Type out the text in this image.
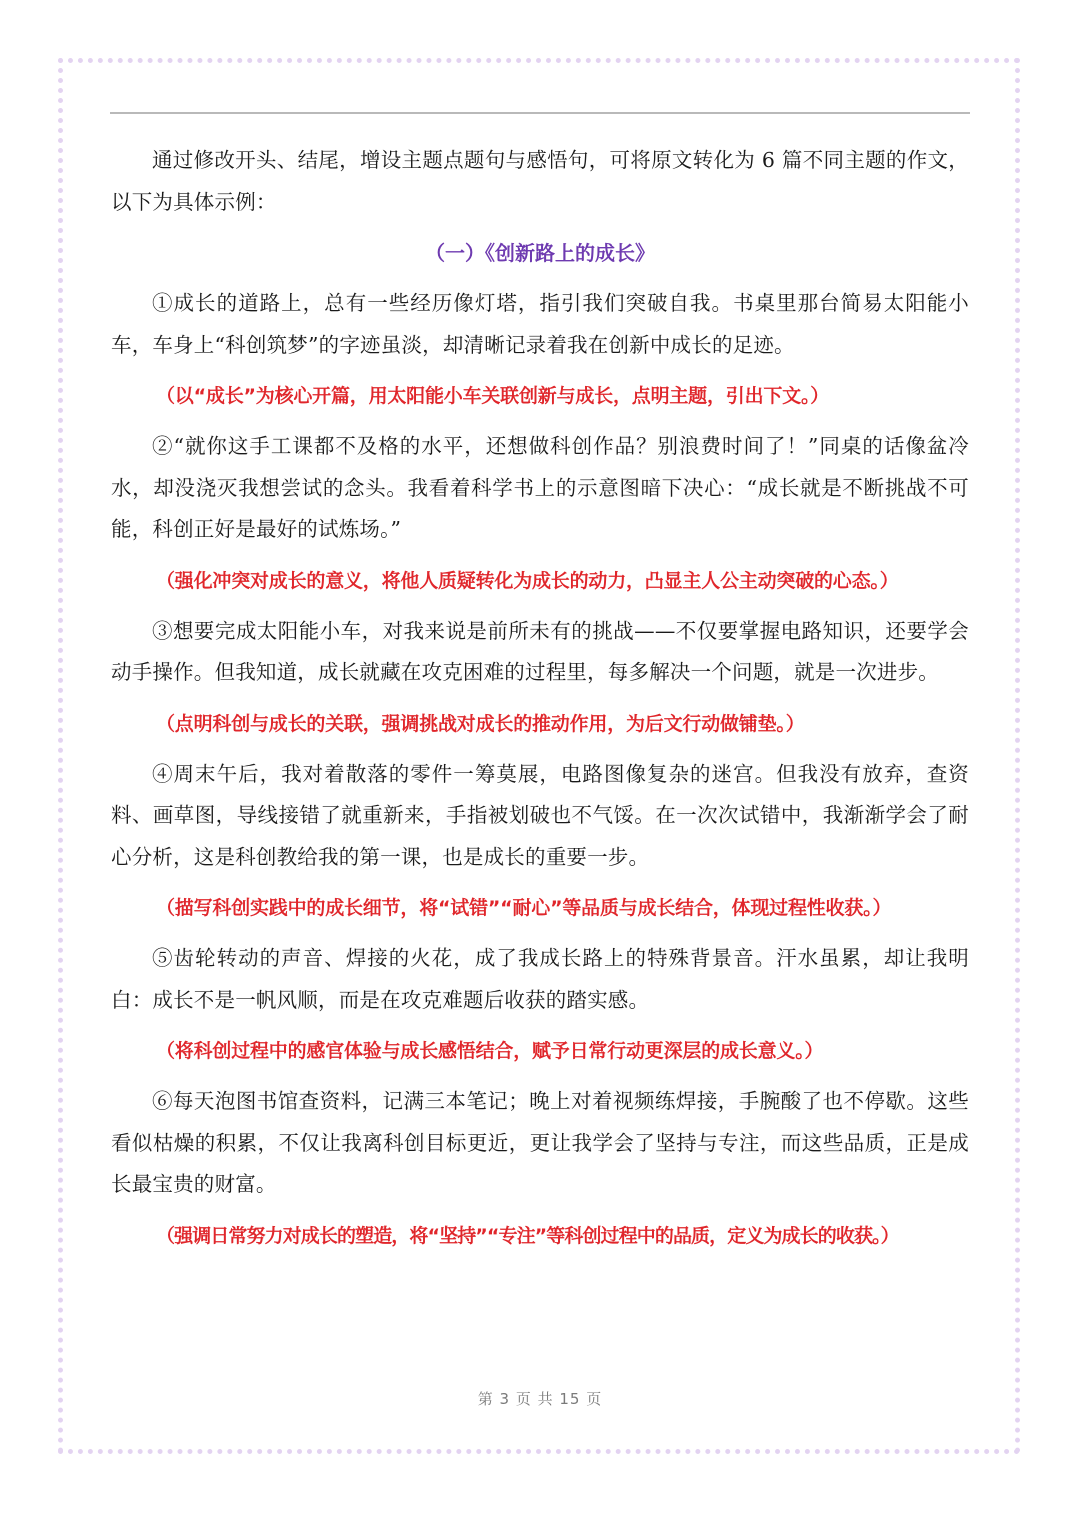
通过修改开头、结尾，增设主题点题句与感悟句，可将原文转化为 6 篇不同主题的作文，以下为具体示例：

（一）《创新路上的成长》

①成长的道路上，总有一些经历像灯塔，指引我们突破自我。书桌里那台简易太阳能小车，车身上“科创筑梦”的字迹虽淡，却清晰记录着我在创新中成长的足迹。

（以“成长”为核心开篇，用太阳能小车关联创新与成长，点明主题，引出下文。）

②“就你这手工课都不及格的水平，还想做科创作品？别浪费时间了！”同桌的话像盆冷水，却没浇灭我想尝试的念头。我看着科学书上的示意图暗下决心：“成长就是不断挑战不可能，科创正好是最好的试炼场。”

（强化冲突对成长的意义，将他人质疑转化为成长的动力，凸显主人公主动突破的心态。）

③想要完成太阳能小车，对我来说是前所未有的挑战——不仅要掌握电路知识，还要学会动手操作。但我知道，成长就藏在攻克困难的过程里，每多解决一个问题，就是一次进步。

（点明科创与成长的关联，强调挑战对成长的推动作用，为后文行动做铺垫。）

④周末午后，我对着散落的零件一筹莫展，电路图像复杂的迷宫。但我没有放弃，查资料、画草图，导线接错了就重新来，手指被划破也不气馁。在一次次试错中，我渐渐学会了耐心分析，这是科创教给我的第一课，也是成长的重要一步。

（描写科创实践中的成长细节，将“试错”“耐心”等品质与成长结合，体现过程性收获。）

⑤齿轮转动的声音、焊接的火花，成了我成长路上的特殊背景音。汗水虽累，却让我明白：成长不是一帆风顺，而是在攻克难题后收获的踏实感。

（将科创过程中的感官体验与成长感悟结合，赋予日常行动更深层的成长意义。）

⑥每天泡图书馆查资料，记满三本笔记；晚上对着视频练焊接，手腕酸了也不停歇。这些看似枯燥的积累，不仅让我离科创目标更近，更让我学会了坚持与专注，而这些品质，正是成长最宝贵的财富。

（强调日常努力对成长的塑造，将“坚持”“专注”等科创过程中的品质，定义为成长的收获。）

第 3 页 共 15 页
